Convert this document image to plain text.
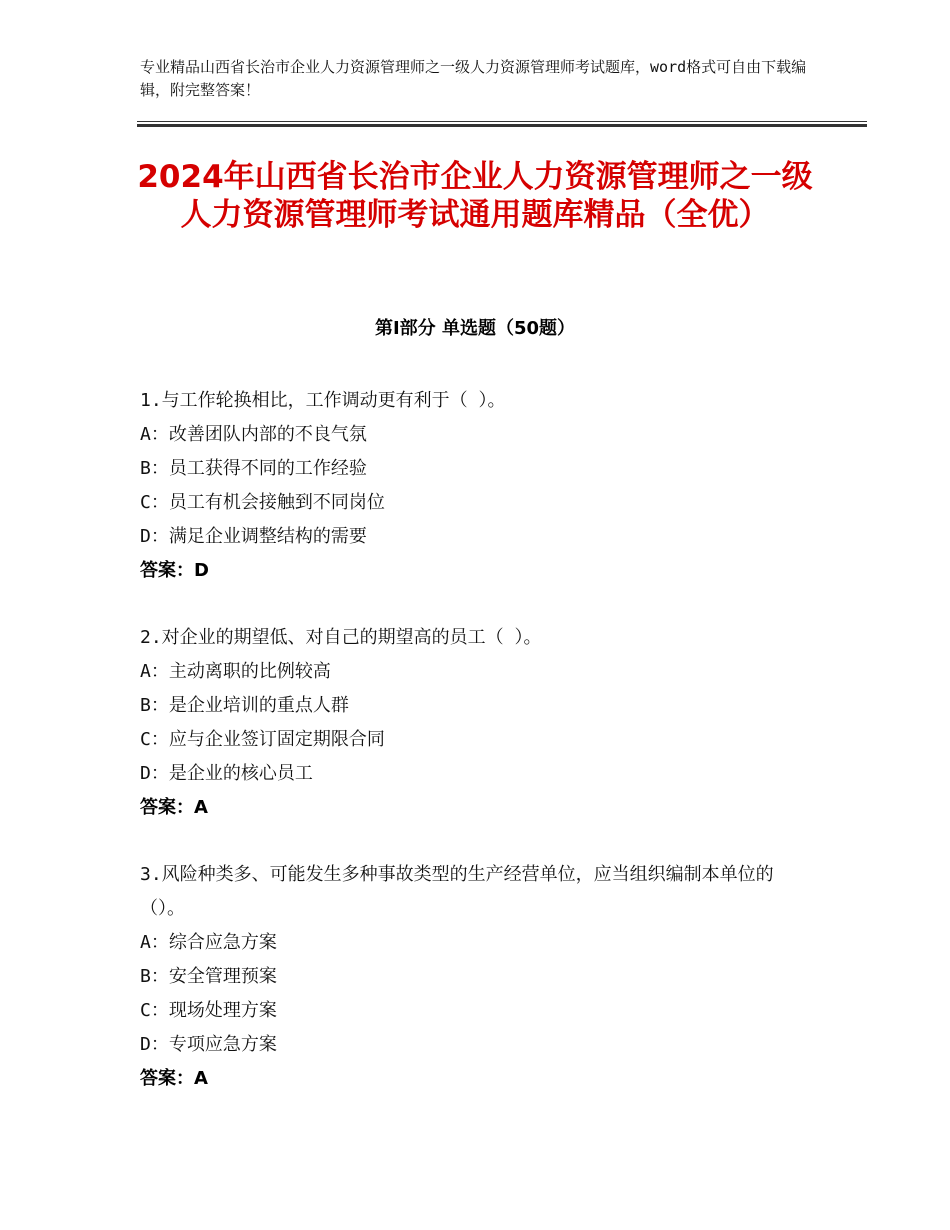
专业精品山西省长治市企业人力资源管理师之一级人力资源管理师考试题库，word格式可自由下载编辑，附完整答案！
2024年山西省长治市企业人力资源管理师之一级人力资源管理师考试通用题库精品（全优）
第Ⅰ部分 单选题（50题）
1.与工作轮换相比，工作调动更有利于（ ）。
A：改善团队内部的不良气氛
B：员工获得不同的工作经验
C：员工有机会接触到不同岗位
D：满足企业调整结构的需要
答案：D
2.对企业的期望低、对自己的期望高的员工（ ）。
A：主动离职的比例较高
B：是企业培训的重点人群
C：应与企业签订固定期限合同
D：是企业的核心员工
答案：A
3.风险种类多、可能发生多种事故类型的生产经营单位，应当组织编制本单位的（）。
A：综合应急方案
B：安全管理预案
C：现场处理方案
D：专项应急方案
答案：A
